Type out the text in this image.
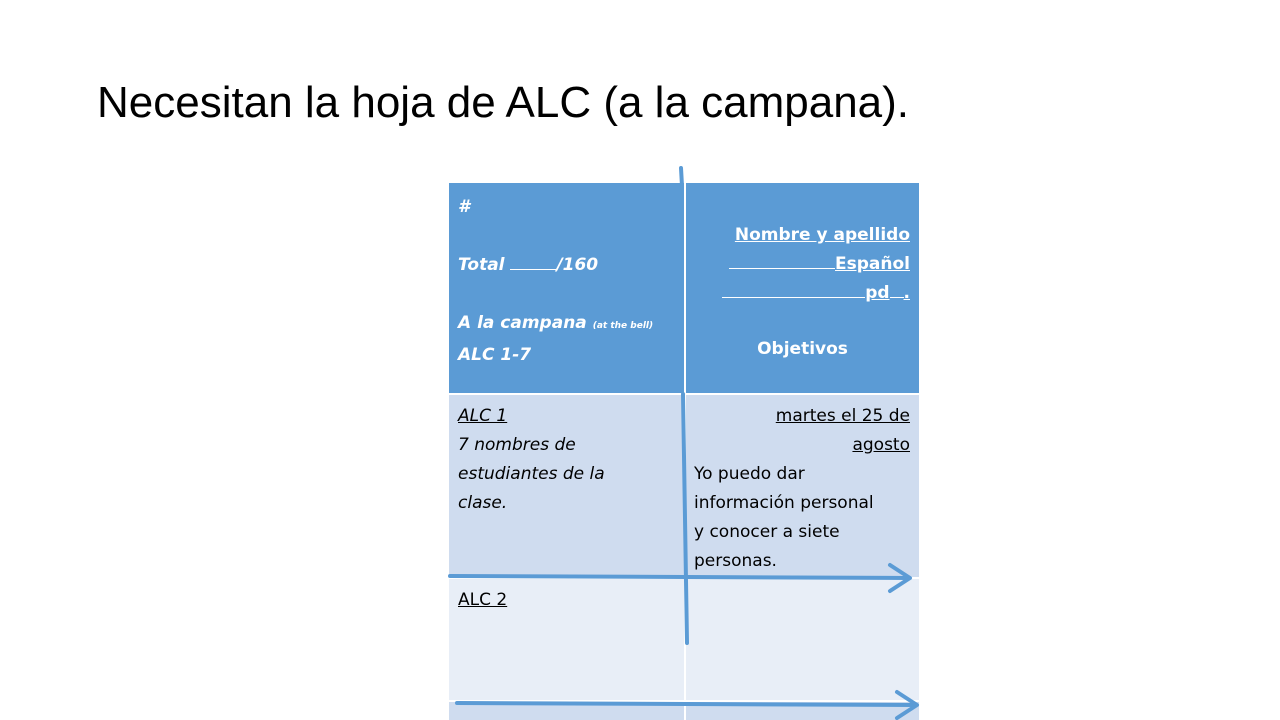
Necesitan la hoja de ALC (a la campana).
#

Total	/160

A la campana (at the bell)
ALC 1-7
Nombre y apellido
Español
pd .
Objetivos
ALC 1
7 nombres de
estudiantes de la
clase.
martes el 25 de
agosto
Yo puedo dar
información personal
y conocer a siete
personas.
ALC 2
